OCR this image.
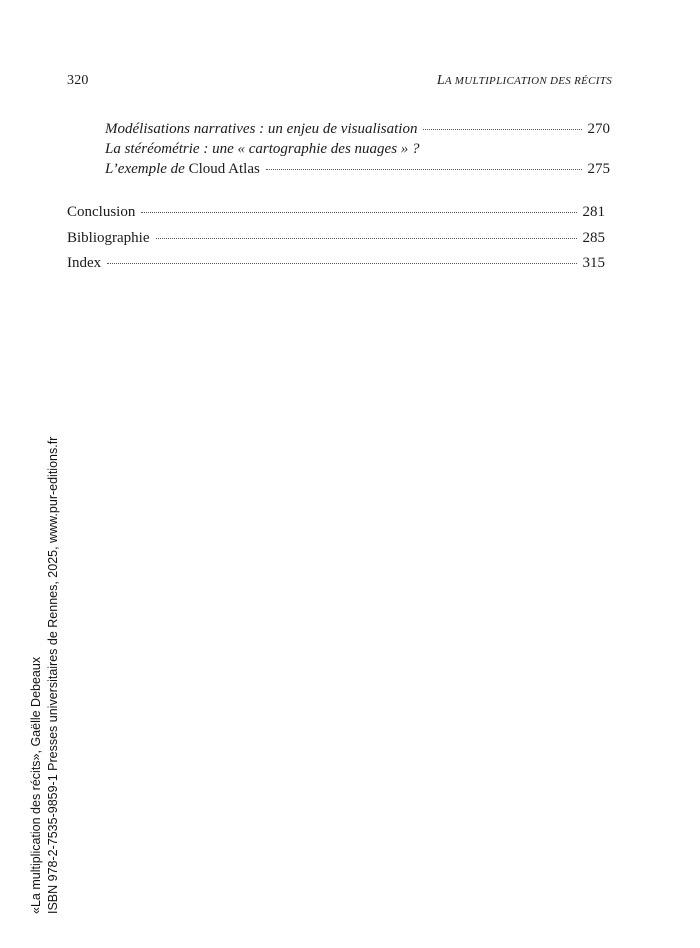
320	LA MULTIPLICATION DES RÉCITS
Modélisations narratives : un enjeu de visualisation	270
La stéréométrie : une « cartographie des nuages » ?
L’exemple de Cloud Atlas	275
Conclusion	281
Bibliographie	285
Index	315
«La multiplication des récits», Gaëlle Debeaux ISBN 978-2-7535-9859-1 Presses universitaires de Rennes, 2025, www.pur-editions.fr
